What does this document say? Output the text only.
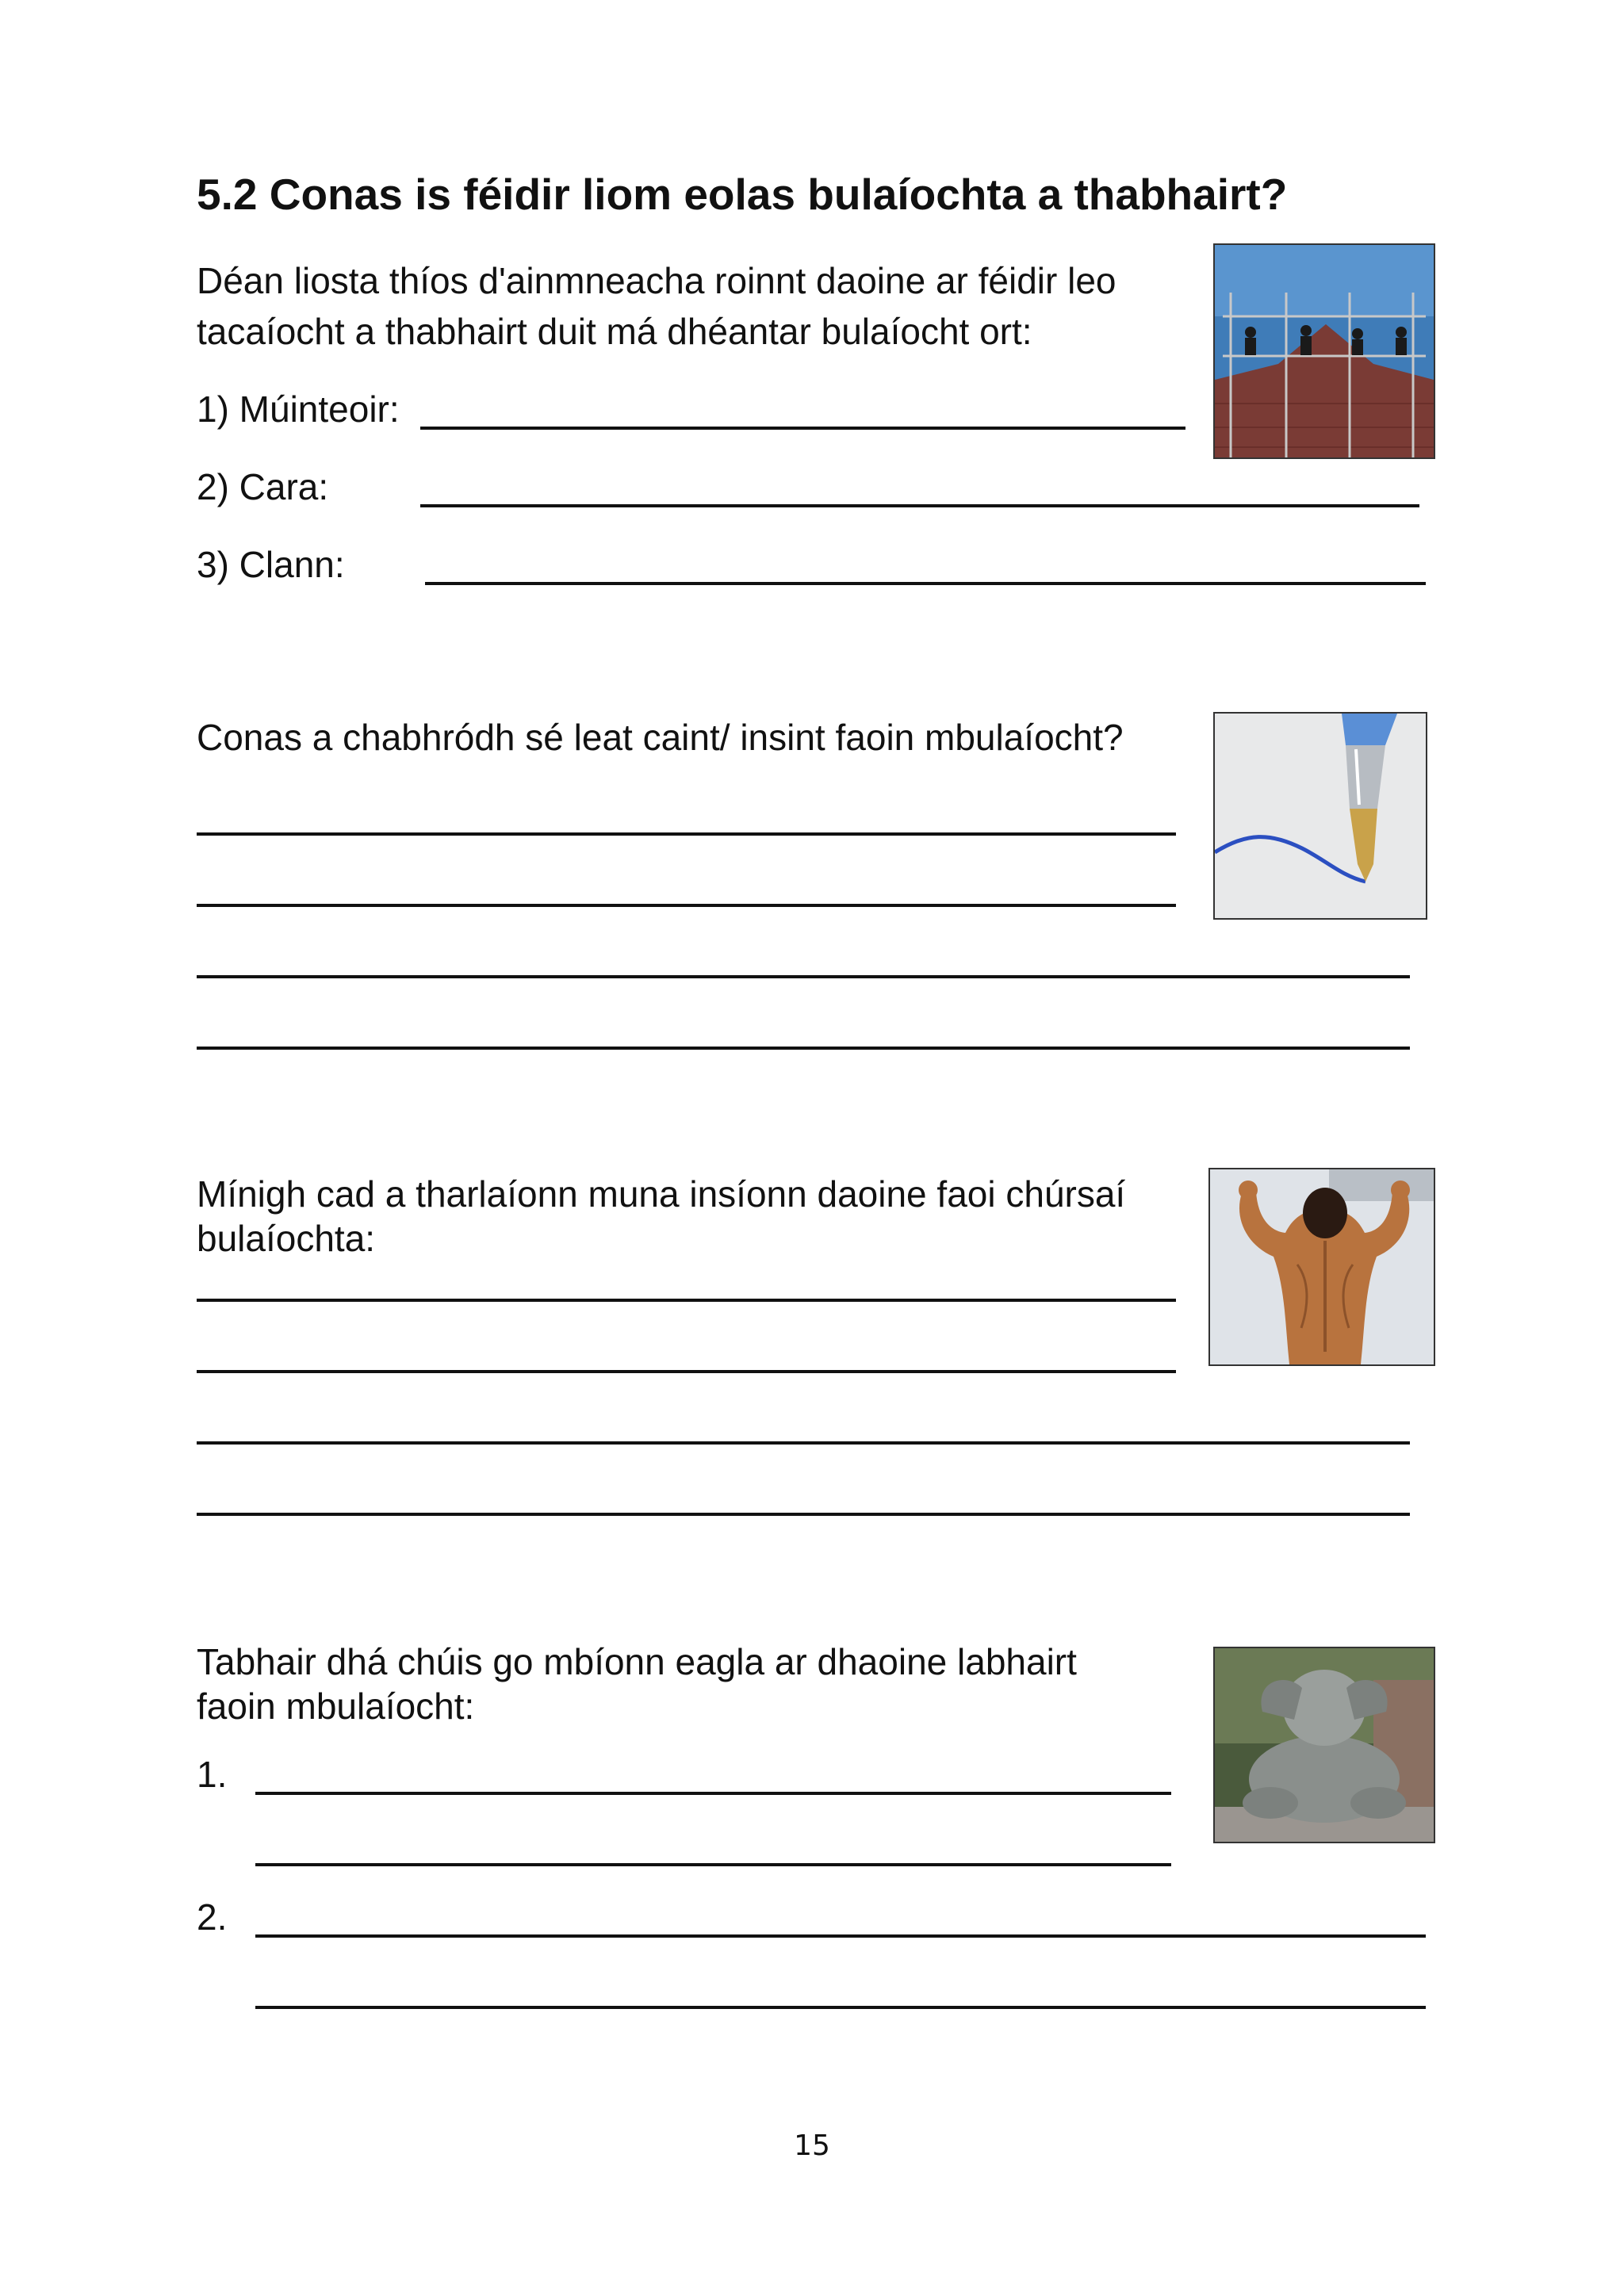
5.2 Conas is féidir liom eolas bulaíochta a thabhairt?
Déan liosta thíos d'ainmneacha roinnt daoine ar féidir leo
tacaíocht a thabhairt duit má dhéantar bulaíocht ort:
1) Múinteoir:
2) Cara:
3) Clann:
Conas a chabhródh sé leat caint/ insint faoin mbulaíocht?
Mínigh cad a tharlaíonn muna insíonn daoine faoi chúrsaí
bulaíochta:
Tabhair dhá chúis go mbíonn eagla ar dhaoine labhairt
faoin mbulaíocht:
1.
2.
15
